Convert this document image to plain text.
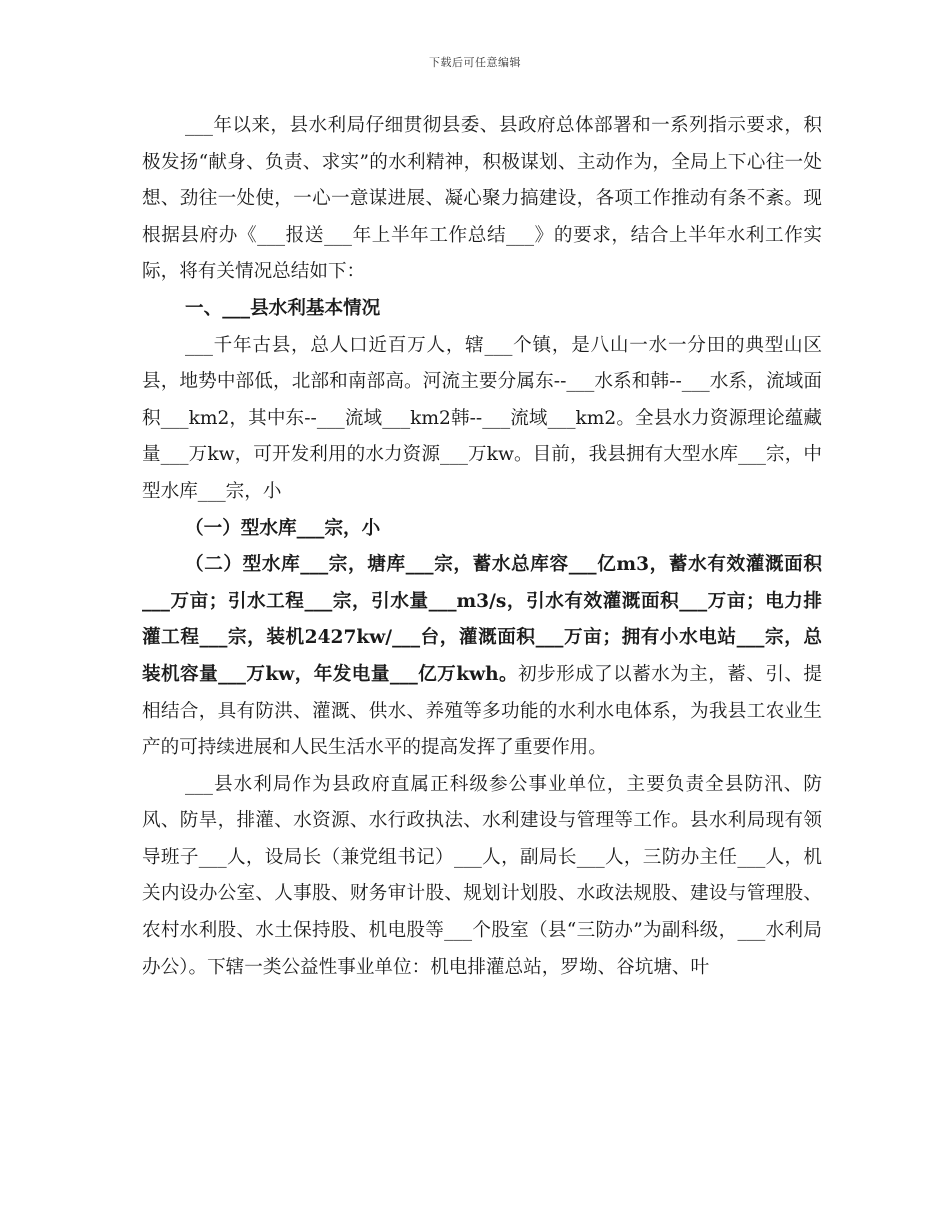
下载后可任意编辑

___年以来，县水利局仔细贯彻县委、县政府总体部署和一系列指示要求，积极发扬“献身、负责、求实”的水利精神，积极谋划、主动作为，全局上下心往一处想、劲往一处使，一心一意谋进展、凝心聚力搞建设，各项工作推动有条不紊。现根据县府办《___报送___年上半年工作总结___》的要求，结合上半年水利工作实际，将有关情况总结如下：

一、___县水利基本情况

___千年古县，总人口近百万人，辖___个镇，是八山一水一分田的典型山区县，地势中部低，北部和南部高。河流主要分属东--___水系和韩--___水系，流域面积___km2，其中东--___流域___km2韩--___流域___km2。全县水力资源理论蕴藏量___万kw，可开发利用的水力资源___万kw。目前，我县拥有大型水库___宗，中型水库___宗，小

（一）型水库___宗，小

（二）型水库___宗，塘库___宗，蓄水总库容___亿m3，蓄水有效灌溉面积___万亩；引水工程___宗，引水量___m3/s，引水有效灌溉面积___万亩；电力排灌工程___宗，装机2427kw/___台，灌溉面积___万亩；拥有小水电站___宗，总装机容量___万kw，年发电量___亿万kwh。初步形成了以蓄水为主，蓄、引、提相结合，具有防洪、灌溉、供水、养殖等多功能的水利水电体系，为我县工农业生产的可持续进展和人民生活水平的提高发挥了重要作用。

___县水利局作为县政府直属正科级参公事业单位，主要负责全县防汛、防风、防旱，排灌、水资源、水行政执法、水利建设与管理等工作。县水利局现有领导班子___人，设局长（兼党组书记）___人，副局长___人，三防办主任___人，机关内设办公室、人事股、财务审计股、规划计划股、水政法规股、建设与管理股、农村水利股、水土保持股、机电股等___个股室（县“三防办”为副科级，___水利局办公）。下辖一类公益性事业单位：机电排灌总站，罗坳、谷坑塘、叶
